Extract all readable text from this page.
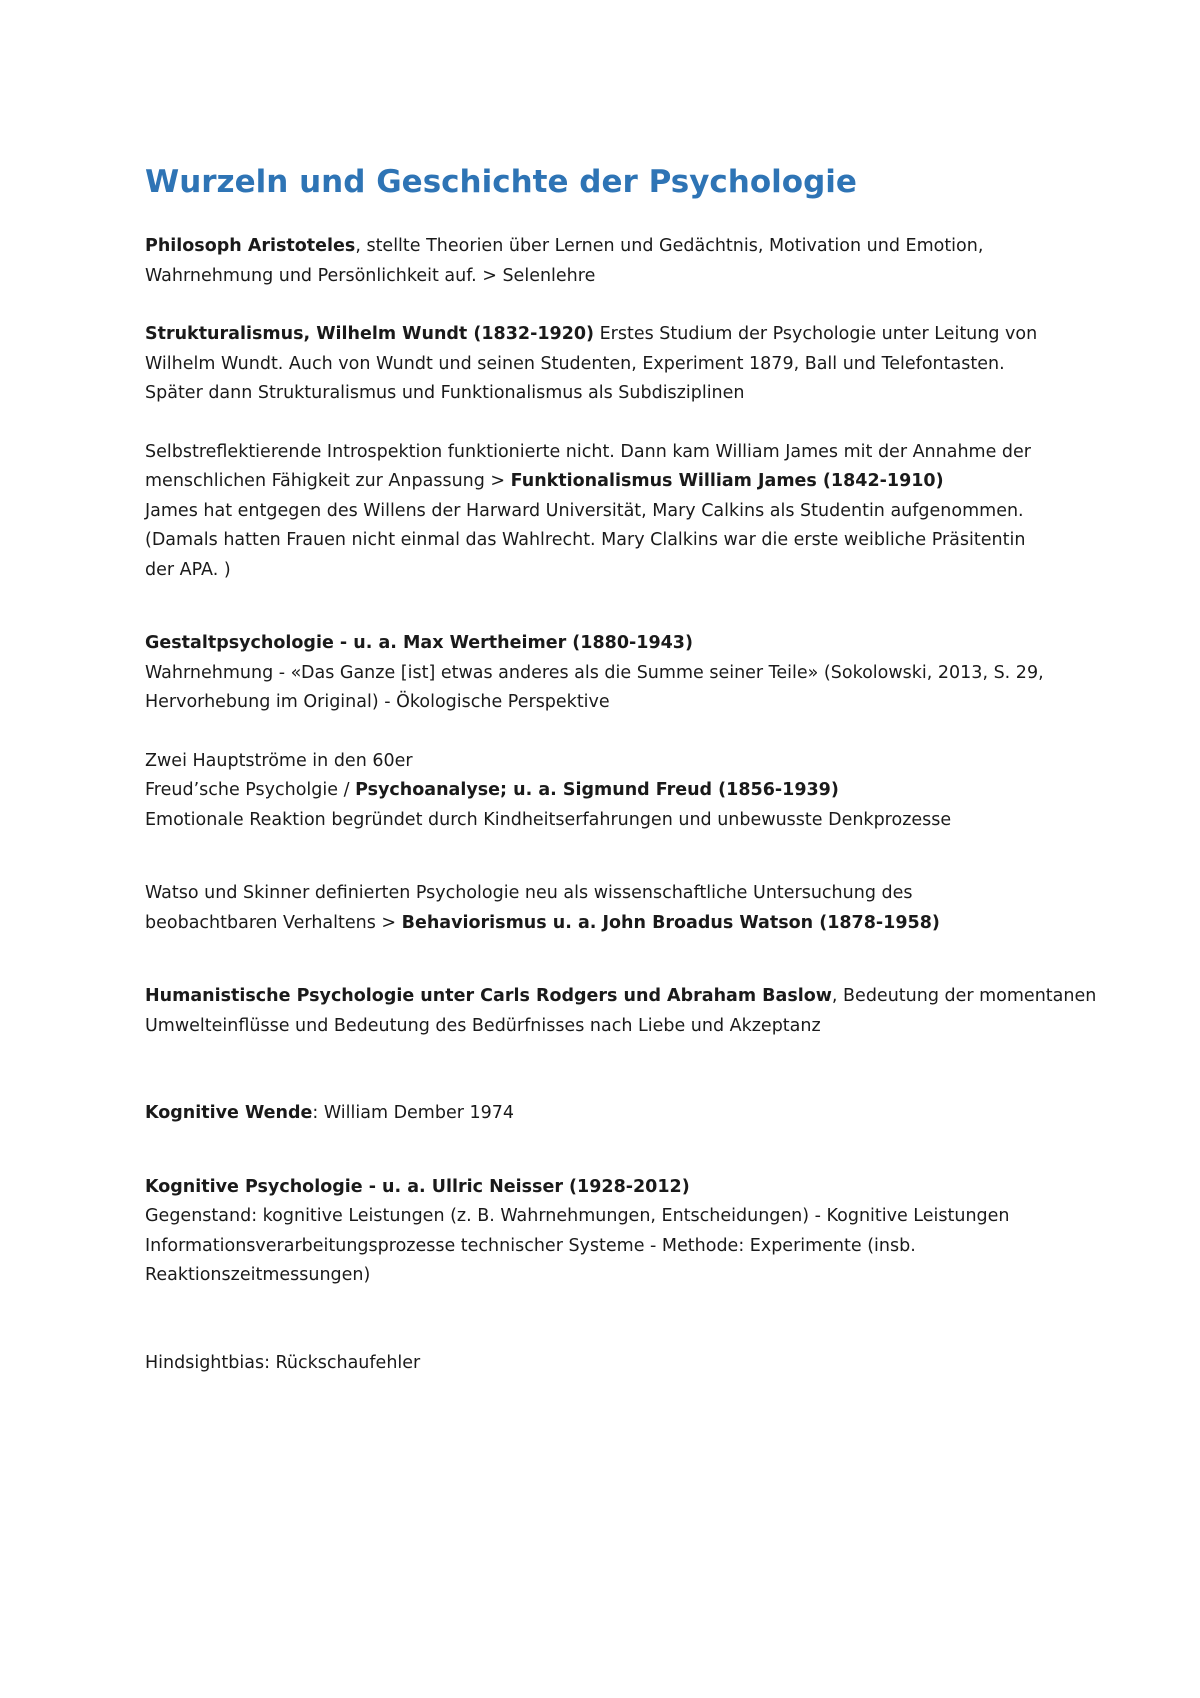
Wurzeln und Geschichte der Psychologie

Philosoph Aristoteles, stellte Theorien über Lernen und Gedächtnis, Motivation und Emotion,
Wahrnehmung und Persönlichkeit auf. > Selenlehre

Strukturalismus, Wilhelm Wundt (1832-1920) Erstes Studium der Psychologie unter Leitung von
Wilhelm Wundt. Auch von Wundt und seinen Studenten, Experiment 1879, Ball und Telefontasten.
Später dann Strukturalismus und Funktionalismus als Subdisziplinen

Selbstreflektierende Introspektion funktionierte nicht. Dann kam William James mit der Annahme der
menschlichen Fähigkeit zur Anpassung > Funktionalismus William James (1842-1910)
James hat entgegen des Willens der Harward Universität, Mary Calkins als Studentin aufgenommen.
(Damals hatten Frauen nicht einmal das Wahlrecht. Mary Clalkins war die erste weibliche Präsitentin
der APA. )

Gestaltpsychologie - u. a. Max Wertheimer (1880-1943)
Wahrnehmung - «Das Ganze [ist] etwas anderes als die Summe seiner Teile» (Sokolowski, 2013, S. 29,
Hervorhebung im Original) - Ökologische Perspektive

Zwei Hauptströme in den 60er
Freud’sche Psycholgie / Psychoanalyse; u. a. Sigmund Freud (1856-1939)
Emotionale Reaktion begründet durch Kindheitserfahrungen und unbewusste Denkprozesse

Watso und Skinner definierten Psychologie neu als wissenschaftliche Untersuchung des
beobachtbaren Verhaltens > Behaviorismus u. a. John Broadus Watson (1878-1958)

Humanistische Psychologie unter Carls Rodgers und Abraham Baslow, Bedeutung der momentanen
Umwelteinflüsse und Bedeutung des Bedürfnisses nach Liebe und Akzeptanz

Kognitive Wende: William Dember 1974

Kognitive Psychologie - u. a. Ullric Neisser (1928-2012)
Gegenstand: kognitive Leistungen (z. B. Wahrnehmungen, Entscheidungen) - Kognitive Leistungen
Informationsverarbeitungsprozesse technischer Systeme - Methode: Experimente (insb.
Reaktionszeitmessungen)

Hindsightbias: Rückschaufehler
